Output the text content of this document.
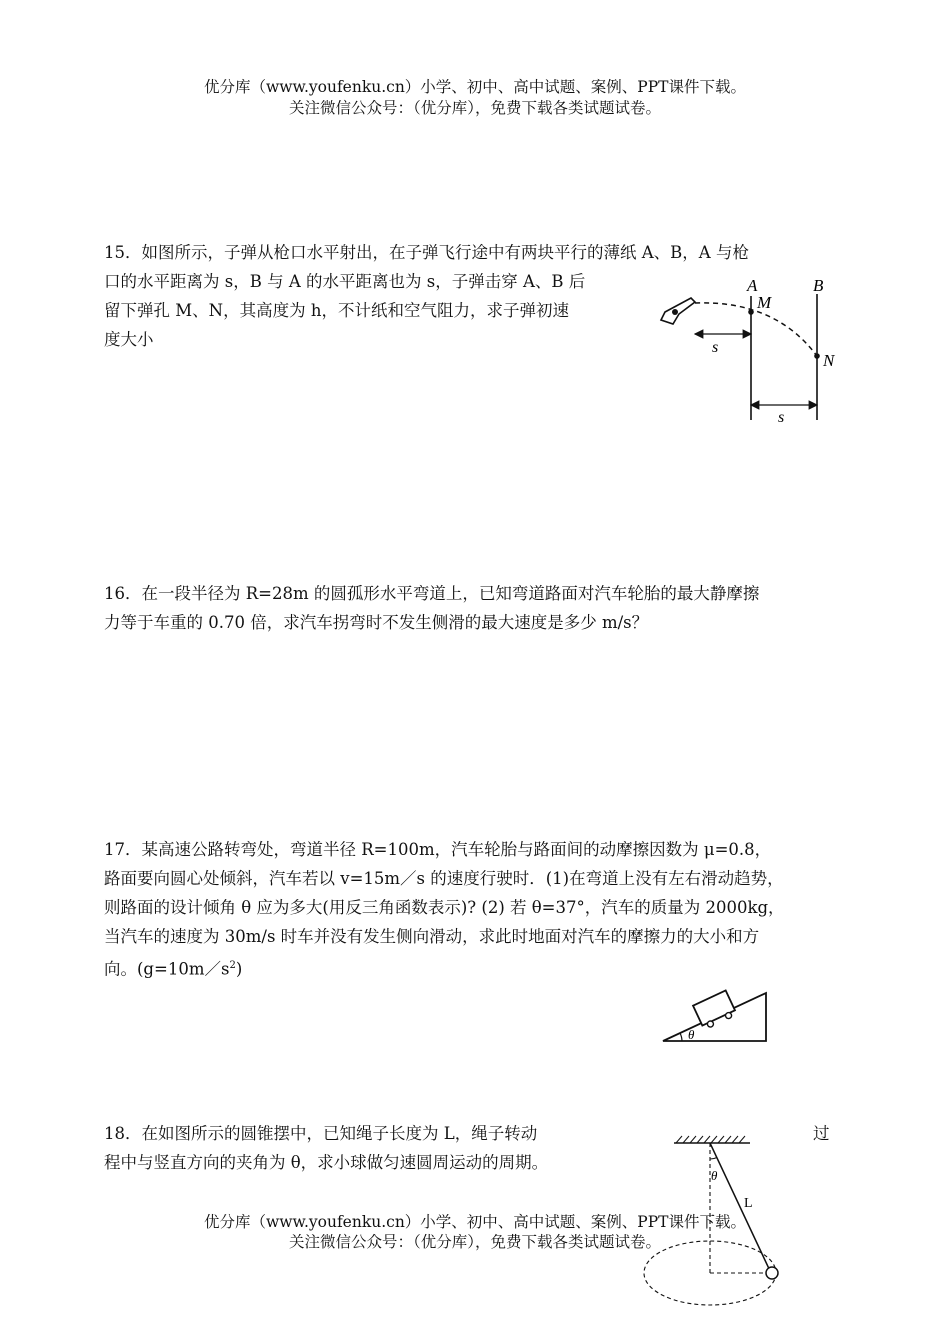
优分库（www.youfenku.cn）小学、初中、高中试题、案例、PPT课件下载。
关注微信公众号：（优分库），免费下载各类试题试卷。
15．如图所示，子弹从枪口水平射出，在子弹飞行途中有两块平行的薄纸 A、B，A 与枪
口的水平距离为 s，B 与 A 的水平距离也为 s，子弹击穿 A、B 后
留下弹孔 M、N，其高度为 h，不计纸和空气阻力，求子弹初速
度大小
A	B
M
N
s
s
16．在一段半径为 R=28m 的圆孤形水平弯道上，已知弯道路面对汽车轮胎的最大静摩擦
力等于车重的 0.70 倍，求汽车拐弯时不发生侧滑的最大速度是多少 m/s？
17．某高速公路转弯处，弯道半径 R=100m，汽车轮胎与路面间的动摩擦因数为 μ=0.8，
路面要向圆心处倾斜，汽车若以 v=15m／s 的速度行驶时．(1)在弯道上没有左右滑动趋势，
则路面的设计倾角 θ 应为多大(用反三角函数表示)? (2) 若 θ=37°，汽车的质量为 2000kg，
当汽车的速度为 30m/s 时车并没有发生侧向滑动，求此时地面对汽车的摩擦力的大小和方
向。$(g=10m/s^2)$
θ
18．在如图所示的圆锥摆中，已知绳子长度为 L，绳子转动	过
程中与竖直方向的夹角为 θ，求小球做匀速圆周运动的周期。
θ
L
优分库（www.youfenku.cn）小学、初中、高中试题、案例、PPT课件下载。
关注微信公众号：（优分库），免费下载各类试题试卷。
